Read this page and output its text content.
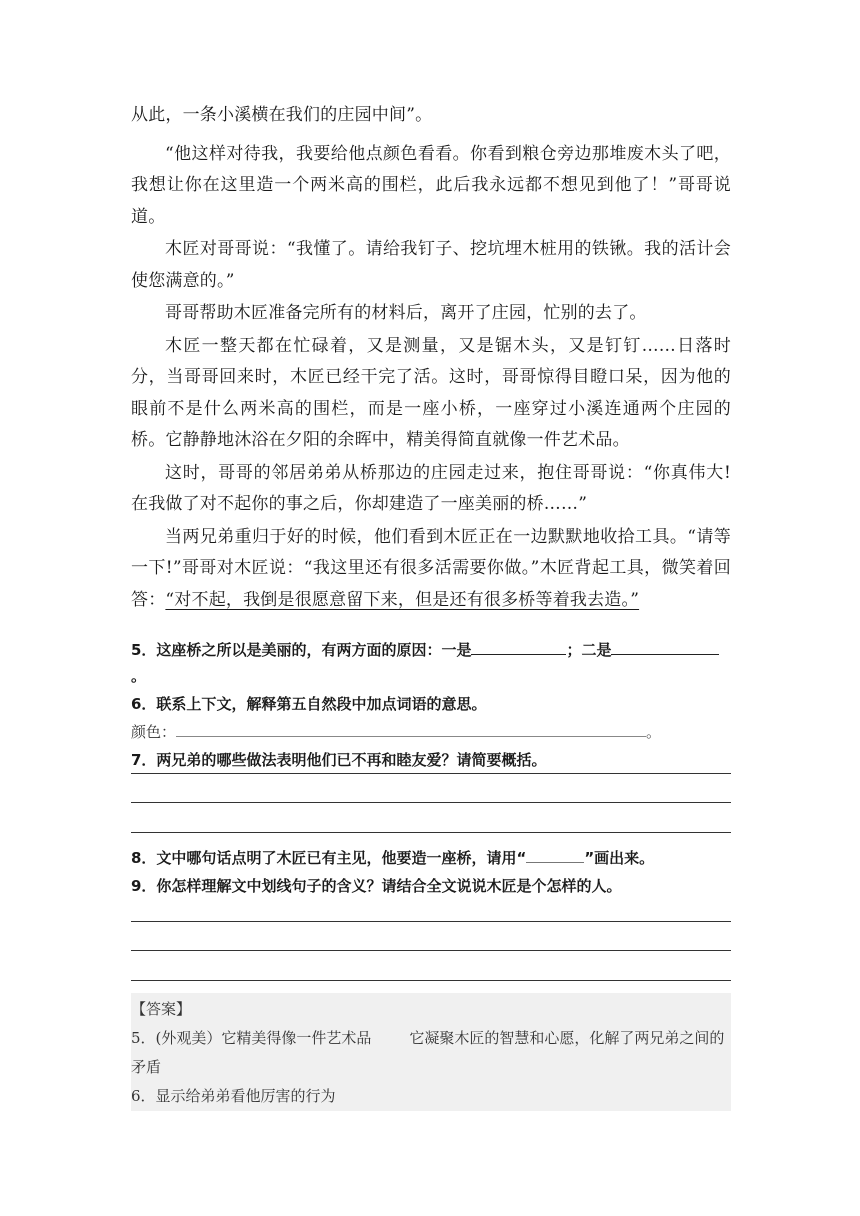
从此，一条小溪横在我们的庄园中间”。

“他这样对待我，我要给他点颜色看看。你看到粮仓旁边那堆废木头了吧，我想让你在这里造一个两米高的围栏，此后我永远都不想见到他了！”哥哥说道。

木匠对哥哥说：“我懂了。请给我钉子、挖坑埋木桩用的铁锹。我的活计会使您满意的。”

哥哥帮助木匠准备完所有的材料后，离开了庄园，忙别的去了。

木匠一整天都在忙碌着，又是测量，又是锯木头，又是钉钉……日落时分，当哥哥回来时，木匠已经干完了活。这时，哥哥惊得目瞪口呆，因为他的眼前不是什么两米高的围栏，而是一座小桥，一座穿过小溪连通两个庄园的桥。它静静地沐浴在夕阳的余晖中，精美得简直就像一件艺术品。

这时，哥哥的邻居弟弟从桥那边的庄园走过来，抱住哥哥说：“你真伟大!在我做了对不起你的事之后，你却建造了一座美丽的桥……”

当两兄弟重归于好的时候，他们看到木匠正在一边默默地收拾工具。“请等一下!”哥哥对木匠说：“我这里还有很多活需要你做。”木匠背起工具，微笑着回答：“对不起，我倒是很愿意留下来，但是还有很多桥等着我去造。”

5．这座桥之所以是美丽的，有两方面的原因：一是	；二是。

6．联系上下文，解释第五自然段中加点词语的意思。

颜色：	。

7．两兄弟的哪些做法表明他们已不再和睦友爱？请简要概括。

8．文中哪句话点明了木匠已有主见，他要造一座桥，请用“	”画出来。

9．你怎样理解文中划线句子的含义？请结合全文说说木匠是个怎样的人。

【答案】

5．(外观美）它精美得像一件艺术品	它凝聚木匠的智慧和心愿，化解了两兄弟之间的矛盾

6．显示给弟弟看他厉害的行为
